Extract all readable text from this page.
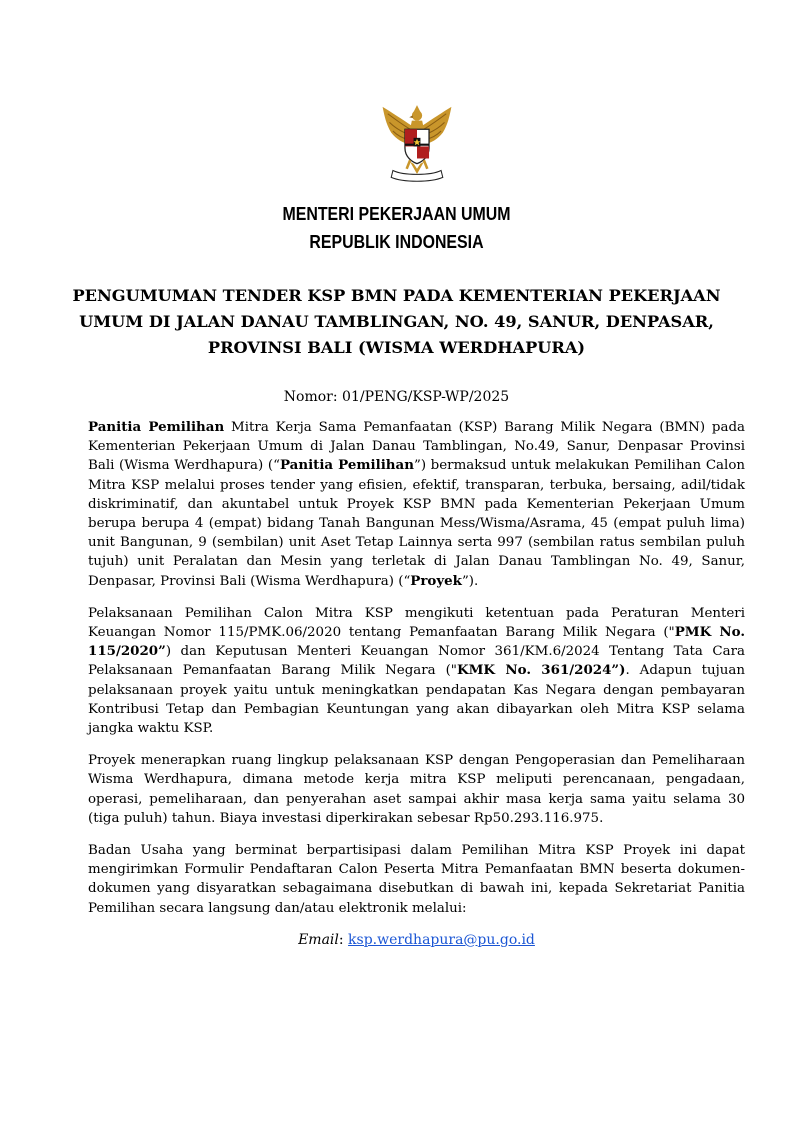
MENTERI PEKERJAAN UMUM
REPUBLIK INDONESIA
PENGUMUMAN TENDER KSP BMN PADA KEMENTERIAN PEKERJAAN UMUM DI JALAN DANAU TAMBLINGAN, NO. 49, SANUR, DENPASAR, PROVINSI BALI (WISMA WERDHAPURA)
Nomor: 01/PENG/KSP-WP/2025

Panitia Pemilihan Mitra Kerja Sama Pemanfaatan (KSP) Barang Milik Negara (BMN) pada Kementerian Pekerjaan Umum di Jalan Danau Tamblingan, No.49, Sanur, Denpasar Provinsi Bali (Wisma Werdhapura) (“Panitia Pemilihan”) bermaksud untuk melakukan Pemilihan Calon Mitra KSP melalui proses tender yang efisien, efektif, transparan, terbuka, bersaing, adil/tidak diskriminatif, dan akuntabel untuk Proyek KSP BMN pada Kementerian Pekerjaan Umum berupa berupa 4 (empat) bidang Tanah Bangunan Mess/Wisma/Asrama, 45 (empat puluh lima) unit Bangunan, 9 (sembilan) unit Aset Tetap Lainnya serta 997 (sembilan ratus sembilan puluh tujuh) unit Peralatan dan Mesin yang terletak di Jalan Danau Tamblingan No. 49, Sanur, Denpasar, Provinsi Bali (Wisma Werdhapura) (“Proyek”).

Pelaksanaan Pemilihan Calon Mitra KSP mengikuti ketentuan pada Peraturan Menteri Keuangan Nomor 115/PMK.06/2020 tentang Pemanfaatan Barang Milik Negara ("PMK No. 115/2020”) dan Keputusan Menteri Keuangan Nomor 361/KM.6/2024 Tentang Tata Cara Pelaksanaan Pemanfaatan Barang Milik Negara ("KMK No. 361/2024”). Adapun tujuan pelaksanaan proyek yaitu untuk meningkatkan pendapatan Kas Negara dengan pembayaran Kontribusi Tetap dan Pembagian Keuntungan yang akan dibayarkan oleh Mitra KSP selama jangka waktu KSP.

Proyek menerapkan ruang lingkup pelaksanaan KSP dengan Pengoperasian dan Pemeliharaan Wisma Werdhapura, dimana metode kerja mitra KSP meliputi perencanaan, pengadaan, operasi, pemeliharaan, dan penyerahan aset sampai akhir masa kerja sama yaitu selama 30 (tiga puluh) tahun. Biaya investasi diperkirakan sebesar Rp50.293.116.975.

Badan Usaha yang berminat berpartisipasi dalam Pemilihan Mitra KSP Proyek ini dapat mengirimkan Formulir Pendaftaran Calon Peserta Mitra Pemanfaatan BMN beserta dokumen-dokumen yang disyaratkan sebagaimana disebutkan di bawah ini, kepada Sekretariat Panitia Pemilihan secara langsung dan/atau elektronik melalui:

Email: ksp.werdhapura@pu.go.id
